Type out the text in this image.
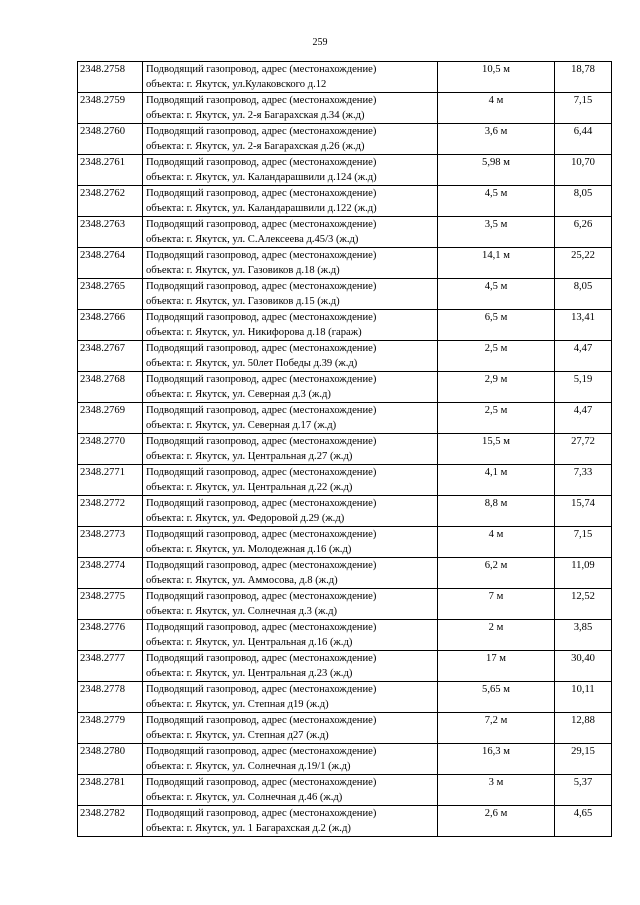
259
2348.2758	Подводящий газопровод, адрес (местонахождение)
объекта: г. Якутск, ул.Кулаковского д.12	10,5 м	18,78
2348.2759	Подводящий газопровод, адрес (местонахождение)
объекта: г. Якутск, ул. 2-я Багарахская д.34 (ж.д)	4 м	7,15
2348.2760	Подводящий газопровод, адрес (местонахождение)
объекта: г. Якутск, ул. 2-я Багарахская д.26 (ж.д)	3,6 м	6,44
2348.2761	Подводящий газопровод, адрес (местонахождение)
объекта: г. Якутск, ул. Каландарашвили д.124 (ж.д)	5,98 м	10,70
2348.2762	Подводящий газопровод, адрес (местонахождение)
объекта: г. Якутск, ул. Каландарашвили д.122 (ж.д)	4,5 м	8,05
2348.2763	Подводящий газопровод, адрес (местонахождение)
объекта: г. Якутск, ул. С.Алексеева д.45/3 (ж.д)	3,5 м	6,26
2348.2764	Подводящий газопровод, адрес (местонахождение)
объекта: г. Якутск, ул. Газовиков д.18 (ж.д)	14,1 м	25,22
2348.2765	Подводящий газопровод, адрес (местонахождение)
объекта: г. Якутск, ул. Газовиков д.15 (ж.д)	4,5 м	8,05
2348.2766	Подводящий газопровод, адрес (местонахождение)
объекта: г. Якутск, ул. Никифорова д.18 (гараж)	6,5 м	13,41
2348.2767	Подводящий газопровод, адрес (местонахождение)
объекта: г. Якутск, ул. 50лет Победы д.39 (ж.д)	2,5 м	4,47
2348.2768	Подводящий газопровод, адрес (местонахождение)
объекта: г. Якутск, ул. Северная д.3 (ж.д)	2,9 м	5,19
2348.2769	Подводящий газопровод, адрес (местонахождение)
объекта: г. Якутск, ул. Северная д.17 (ж.д)	2,5 м	4,47
2348.2770	Подводящий газопровод, адрес (местонахождение)
объекта: г. Якутск, ул. Центральная д.27 (ж.д)	15,5 м	27,72
2348.2771	Подводящий газопровод, адрес (местонахождение)
объекта: г. Якутск, ул. Центральная д.22 (ж.д)	4,1 м	7,33
2348.2772	Подводящий газопровод, адрес (местонахождение)
объекта: г. Якутск, ул. Федоровой д.29 (ж.д)	8,8 м	15,74
2348.2773	Подводящий газопровод, адрес (местонахождение)
объекта: г. Якутск, ул. Молодежная д.16 (ж.д)	4 м	7,15
2348.2774	Подводящий газопровод, адрес (местонахождение)
объекта: г. Якутск, ул. Аммосова, д.8 (ж.д)	6,2 м	11,09
2348.2775	Подводящий газопровод, адрес (местонахождение)
объекта: г. Якутск, ул. Солнечная д.3 (ж.д)	7 м	12,52
2348.2776	Подводящий газопровод, адрес (местонахождение)
объекта: г. Якутск, ул. Центральная д.16 (ж.д)	2 м	3,85
2348.2777	Подводящий газопровод, адрес (местонахождение)
объекта: г. Якутск, ул. Центральная д.23 (ж.д)	17 м	30,40
2348.2778	Подводящий газопровод, адрес (местонахождение)
объекта: г. Якутск, ул. Степная д19 (ж.д)	5,65 м	10,11
2348.2779	Подводящий газопровод, адрес (местонахождение)
объекта: г. Якутск, ул. Степная д27 (ж.д)	7,2 м	12,88
2348.2780	Подводящий газопровод, адрес (местонахождение)
объекта: г. Якутск, ул. Солнечная д.19/1 (ж.д)	16,3 м	29,15
2348.2781	Подводящий газопровод, адрес (местонахождение)
объекта: г. Якутск, ул. Солнечная д.46 (ж.д)	3 м	5,37
2348.2782	Подводящий газопровод, адрес (местонахождение)
объекта: г. Якутск, ул. 1 Багарахская д.2 (ж.д)	2,6 м	4,65
